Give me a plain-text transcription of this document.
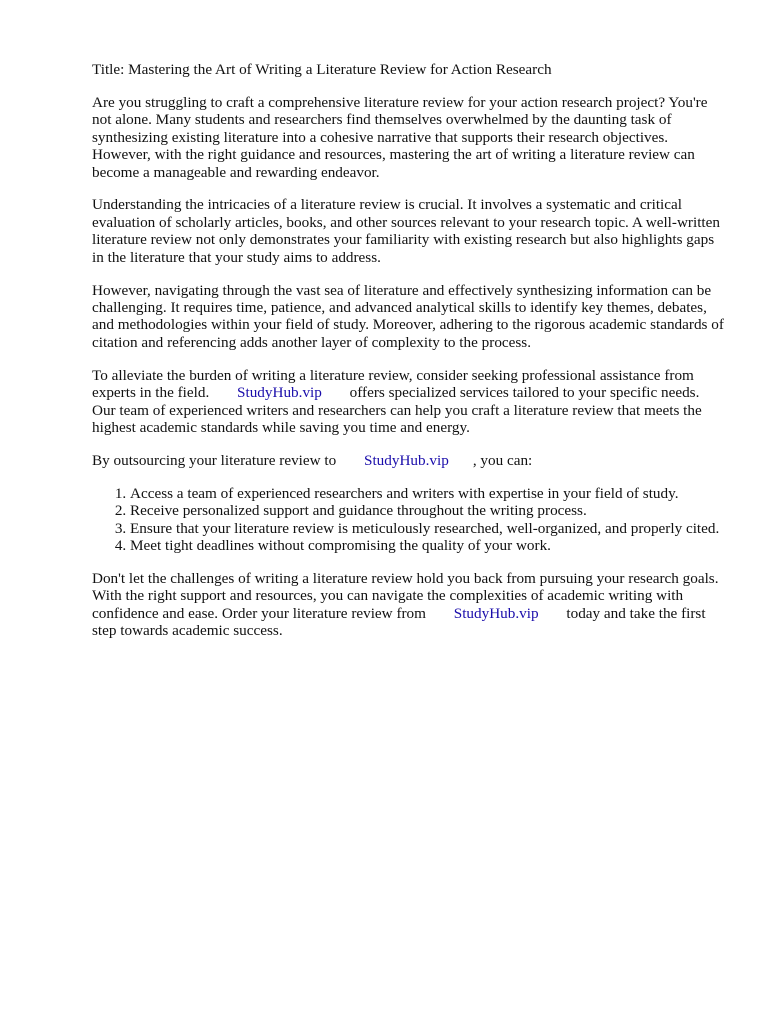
Title: Mastering the Art of Writing a Literature Review for Action Research

Are you struggling to craft a comprehensive literature review for your action research project? You're not alone. Many students and researchers find themselves overwhelmed by the daunting task of synthesizing existing literature into a cohesive narrative that supports their research objectives. However, with the right guidance and resources, mastering the art of writing a literature review can become a manageable and rewarding endeavor.

Understanding the intricacies of a literature review is crucial. It involves a systematic and critical evaluation of scholarly articles, books, and other sources relevant to your research topic. A well-written literature review not only demonstrates your familiarity with existing research but also highlights gaps in the literature that your study aims to address.

However, navigating through the vast sea of literature and effectively synthesizing information can be challenging. It requires time, patience, and advanced analytical skills to identify key themes, debates, and methodologies within your field of study. Moreover, adhering to the rigorous academic standards of citation and referencing adds another layer of complexity to the process.

To alleviate the burden of writing a literature review, consider seeking professional assistance from experts in the field. StudyHub.vip offers specialized services tailored to your specific needs. Our team of experienced writers and researchers can help you craft a literature review that meets the highest academic standards while saving you time and energy.

By outsourcing your literature review to StudyHub.vip , you can:

1. Access a team of experienced researchers and writers with expertise in your field of study.
2. Receive personalized support and guidance throughout the writing process.
3. Ensure that your literature review is meticulously researched, well-organized, and properly cited.
4. Meet tight deadlines without compromising the quality of your work.

Don't let the challenges of writing a literature review hold you back from pursuing your research goals. With the right support and resources, you can navigate the complexities of academic writing with confidence and ease. Order your literature review from StudyHub.vip today and take the first step towards academic success.
